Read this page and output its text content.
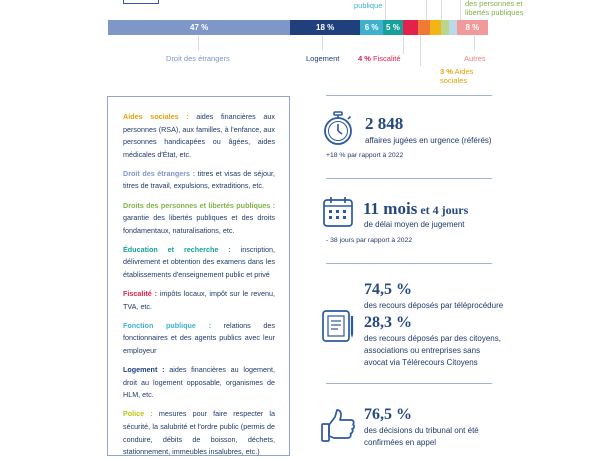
publique	des personnes et
libertés publiques
47 %	18 %	6 % 5 %	8 %
Droit des étrangers	Logement 4 % Fiscalité	Autres
3 % Aides
sociales

Aides sociales : aides financières aux personnes (RSA), aux familles, à l'enfance, aux personnes handicapées ou âgées, aides médicales d'État, etc.

Droit des étrangers : titres et visas de séjour, titres de travail, expulsions, extraditions, etc.

Droits des personnes et libertés publiques : garantie des libertés publiques et des droits fondamentaux, naturalisations, etc.

Éducation et recherche : inscription, délivrement et obtention des examens dans les établissements d'enseignement public et privé

Fiscalité : impôts locaux, impôt sur le revenu, TVA, etc.

Fonction publique : relations des fonctionnaires et des agents publics avec leur employeur

Logement : aides financières au logement, droit au logement opposable, organismes de HLM, etc.

Police : mesures pour faire respecter la sécurité, la salubrité et l'ordre public (permis de conduire, débits de boisson, déchets, stationnement, immeubles insalubres, etc.)

2 848
affaires jugées en urgence (référés)
+18 % par rapport à 2022
11 mois et 4 jours
de délai moyen de jugement
- 38 jours par rapport à 2022
74,5 %
des recours déposés par téléprocédure
28,3 %
des recours déposés par des citoyens,
associations ou entreprises sans
avocat via Télérecours Citoyens
76,5 %
des décisions du tribunal ont été
confirmées en appel
